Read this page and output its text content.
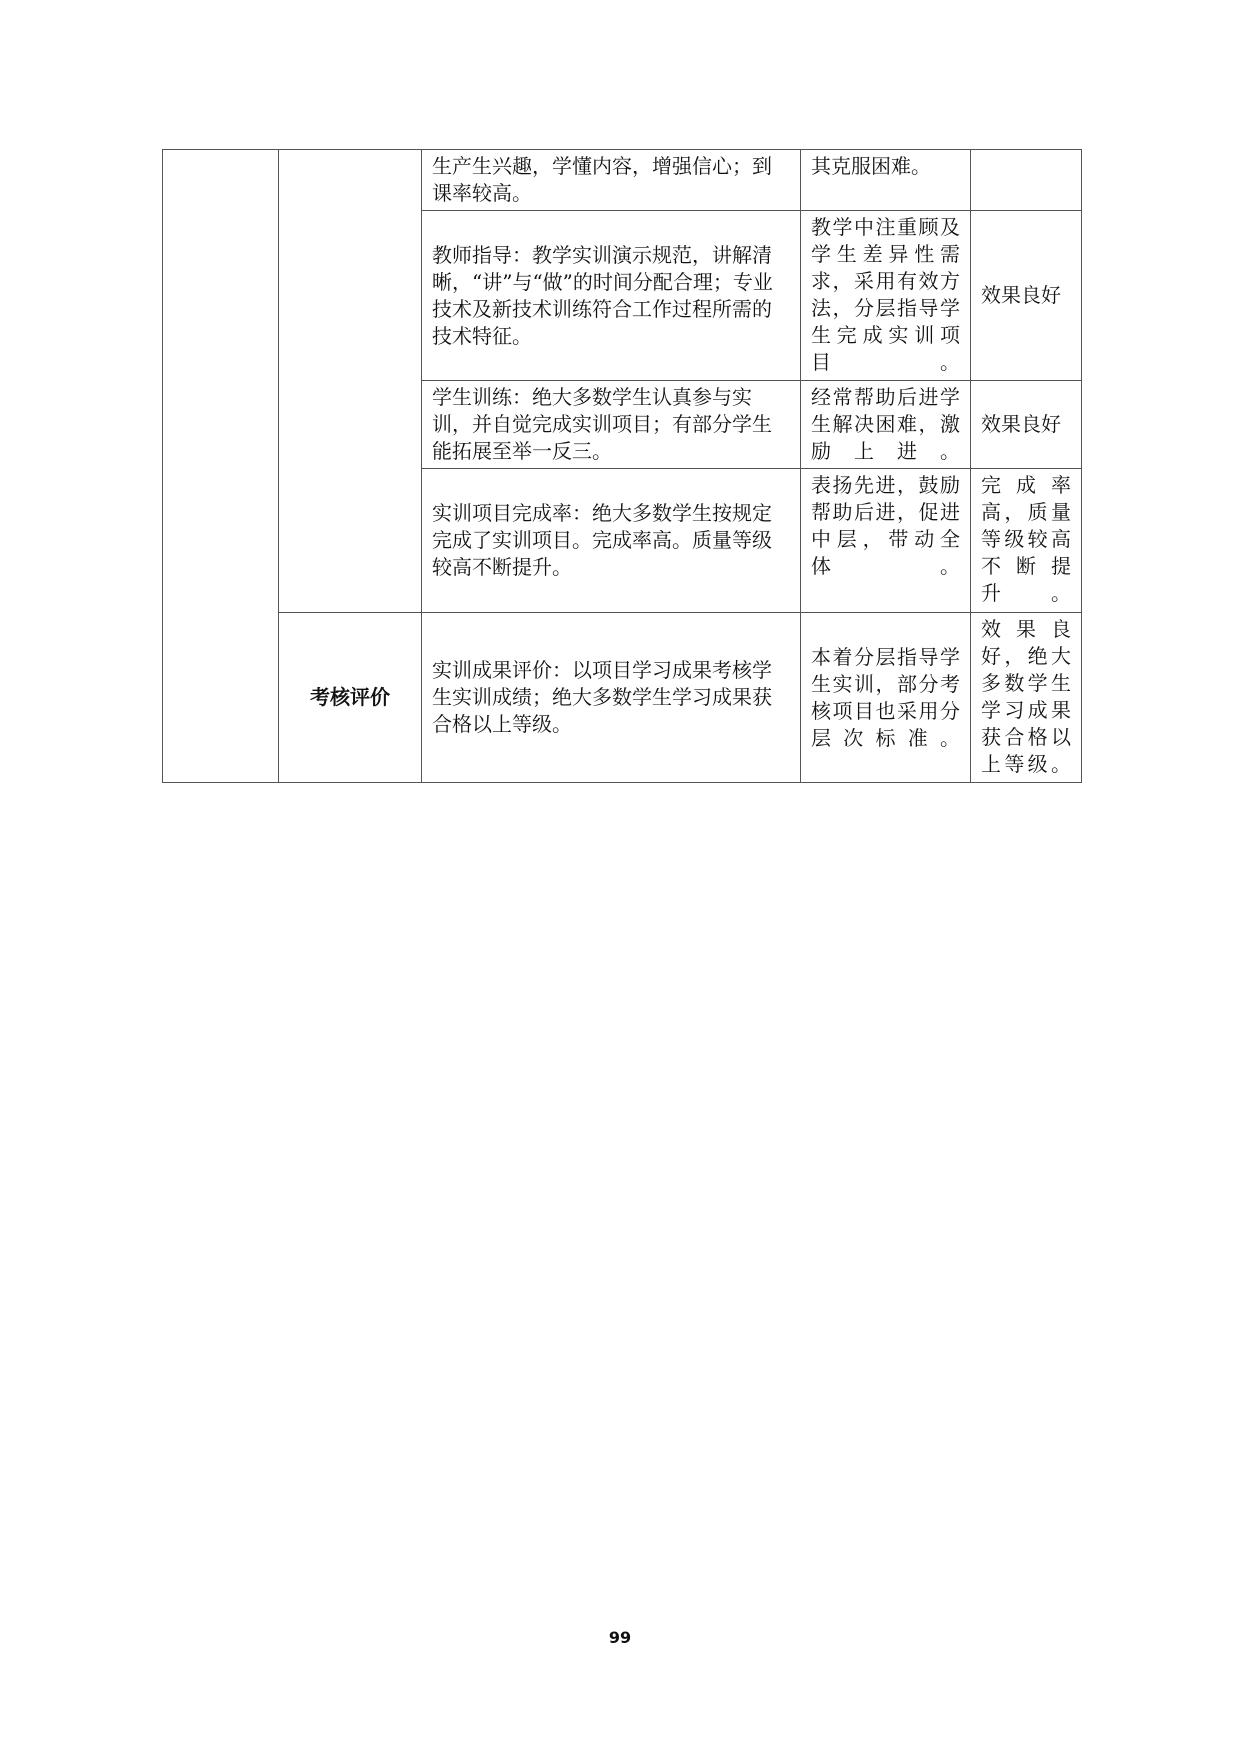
		生产生兴趣，学懂内容，增强信心；到课率较高。	其克服困难。	
		教师指导：教学实训演示规范，讲解清晰，“讲”与“做”的时间分配合理；专业技术及新技术训练符合工作过程所需的技术特征。	教学中注重顾及学生差异性需求，采用有效方法，分层指导学生完成实训项目。	效果良好
		学生训练：绝大多数学生认真参与实训，并自觉完成实训项目；有部分学生能拓展至举一反三。	经常帮助后进学生解决困难，激励上进。	效果良好
		实训项目完成率：绝大多数学生按规定完成了实训项目。完成率高。质量等级较高不断提升。	表扬先进，鼓励帮助后进，促进中层，带动全体。	完成率高，质量等级较高不断提升。
	考核评价	实训成果评价：以项目学习成果考核学生实训成绩；绝大多数学生学习成果获合格以上等级。	本着分层指导学生实训，部分考核项目也采用分层次标准。	效果良好，绝大多数学生学习成果获合格以上等级。
99
